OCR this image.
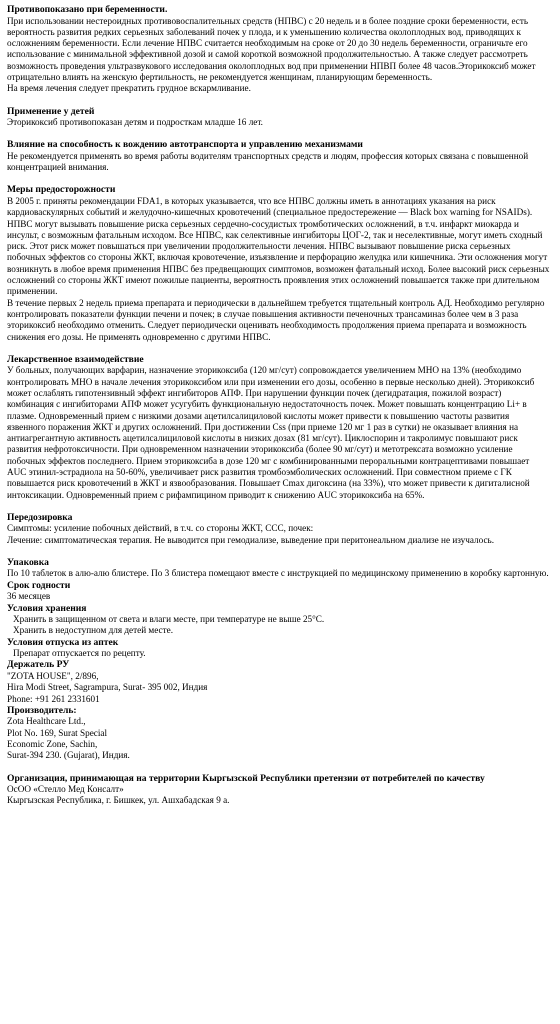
Противопоказано при беременности.

При использовании нестероидных противовоспалительных средств (НПВС) с 20 недель и в более поздние сроки беременности, есть вероятность развития редких серьезных заболеваний почек у плода, и к уменьшению количества околоплодных вод, приводящих к осложнениям беременности. Если лечение НПВС считается необходимым на сроке от 20 до 30 недель беременности, ограничьте его использование с минимальной эффективной дозой и самой короткой возможной продолжительностью. А также следует рассмотреть возможность проведения ультразвукового исследования околоплодных вод при применении НПВП более 48 часов.Эторикоксиб может отрицательно влиять на женскую фертильность, не рекомендуется женщинам, планирующим беременность.

На время лечения следует прекратить грудное вскармливание.

Применение у детей

Эторикоксиб противопоказан детям и подросткам младше 16 лет.

Влияние на способность к вождению автотранспорта и управлению механизмами

Не рекомендуется применять во время работы водителям транспортных средств и людям, профессия которых связана с повышенной концентрацией внимания.

Меры предосторожности

В 2005 г. приняты рекомендации FDA1, в которых указывается, что все НПВС должны иметь в аннотациях указания на риск кардиоваскулярных событий и желудочно-кишечных кровотечений (специальное предостережение — Black box warning for NSAIDs).

НПВС могут вызывать повышение риска серьезных сердечно-сосудистых тромботических осложнений, в т.ч. инфаркт миокарда и инсульт, с возможным фатальным исходом. Все НПВС, как селективные ингибиторы ЦОГ-2, так и неселективные, могут иметь сходный риск. Этот риск может повышаться при увеличении продолжительности лечения. НПВС вызывают повышение риска серьезных побочных эффектов со стороны ЖКТ, включая кровотечение, изъязвление и перфорацию желудка или кишечника. Эти осложнения могут возникнуть в любое время применения НПВС без предвещающих симптомов, возможен фатальный исход. Более высокий риск серьезных осложнений со стороны ЖКТ имеют пожилые пациенты, вероятность проявления этих осложнений повышается также при длительном применении.

В течение первых 2 недель приема препарата и периодически в дальнейшем требуется тщательный контроль АД. Необходимо регулярно контролировать показатели функции печени и почек; в случае повышения активности печеночных трансаминаз более чем в 3 раза эторикоксиб необходимо отменить. Следует периодически оценивать необходимость продолжения приема препарата и возможность снижения его дозы. Не применять одновременно с другими НПВС.

Лекарственное взаимодействие

У больных, получающих варфарин, назначение эторикоксиба (120 мг/сут) сопровождается увеличением МНО на 13% (необходимо контролировать МНО в начале лечения эторикоксибом или при изменении его дозы, особенно в первые несколько дней). Эторикоксиб может ослаблять гипотензивный эффект ингибиторов АПФ. При нарушении функции почек (дегидратация, пожилой возраст) комбинация с ингибиторами АПФ может усугубить функциональную недостаточность почек. Может повышать концентрацию Li+ в плазме. Одновременный прием с низкими дозами ацетилсалициловой кислоты может привести к повышению частоты развития язвенного поражения ЖКТ и других осложнений. При достижении Css (при приеме 120 мг 1 раз в сутки) не оказывает влияния на антиагрегантную активность ацетилсалициловой кислоты в низких дозах (81 мг/сут). Циклоспорин и такролимус повышают риск развития нефротоксичности. При одновременном назначении эторикоксиба (более 90 мг/сут) и метотрексата возможно усиление побочных эффектов последнего. Прием эторикоксиба в дозе 120 мг с комбинированными пероральными контрацептивами повышает AUC этинил-эстрадиола на 50-60%, увеличивает риск развития тромбоэмболических осложнений. При совместном приеме с ГК повышается риск кровотечений в ЖКТ и язвообразования. Повышает Cmax дигоксина (на 33%), что может привести к дигиталисной интоксикации. Одновременный прием с рифампицином приводит к снижению AUC эторикоксиба на 65%.

Передозировка

Симптомы: усиление побочных действий, в т.ч. со стороны ЖКТ, ССС, почек:

Лечение: симптоматическая терапия. Не выводится при гемодиализе, выведение при перитонеальном диализе не изучалось.

Упаковка

По 10 таблеток в алю-алю блистере. По 3 блистера помещают вместе с инструкцией по медицинскому применению в коробку картонную.

Срок годности

36 месяцев

Условия хранения

Хранить в защищенном от света и влаги месте, при температуре не выше 25°С.

Хранить в недоступном для детей месте.

Условия отпуска из аптек

Препарат отпускается по рецепту.

Держатель РУ

"ZOTA HOUSE", 2/896,

Hira Modi Street, Sagrampura, Surat- 395 002, Индия

Phone: +91 261 2331601

Производитель:

Zota Healthcare Ltd.,

Plot No. 169, Surat Special

Economic Zone, Sachin,

Surat-394 230. (Gujarat), Индия.

Организация, принимающая на территории Кыргызской Республики претензии от потребителей по качеству

ОсОО «Стелло Мед Консалт»

Кыргызская Республика, г. Бишкек, ул. Ашхабадская 9 а.
